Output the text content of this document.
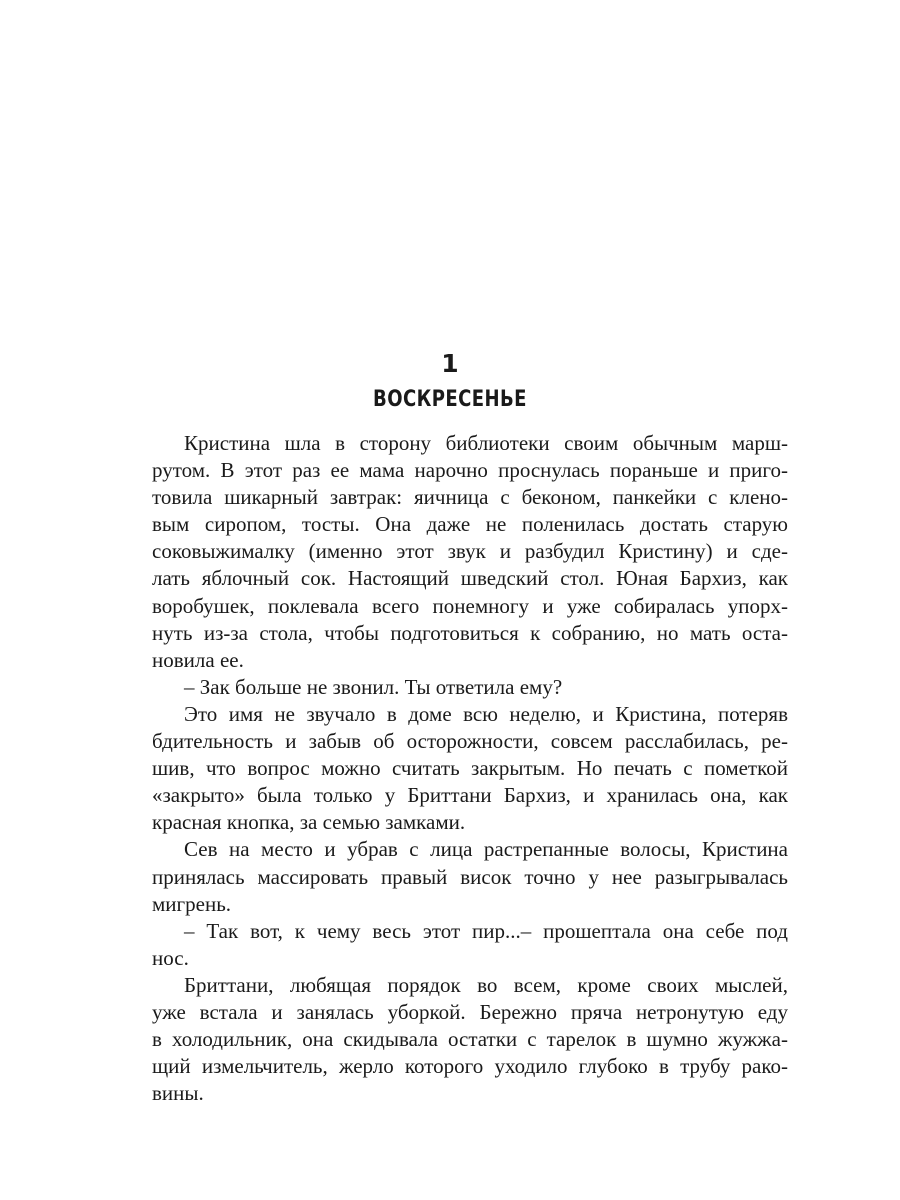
1
ВОСКРЕСЕНЬЕ
Кристина шла в сторону библиотеки своим обычным марш-
рутом. В этот раз ее мама нарочно проснулась пораньше и приго-
товила шикарный завтрак: яичница с беконом, панкейки с клено-
вым сиропом, тосты. Она даже не поленилась достать старую
соковыжималку (именно этот звук и разбудил Кристину) и сде-
лать яблочный сок. Настоящий шведский стол. Юная Бархиз, как
воробушек, поклевала всего понемногу и уже собиралась упорх-
нуть из-за стола, чтобы подготовиться к собранию, но мать оста-
новила ее.
– Зак больше не звонил. Ты ответила ему?
Это имя не звучало в доме всю неделю, и Кристина, потеряв
бдительность и забыв об осторожности, совсем расслабилась, ре-
шив, что вопрос можно считать закрытым. Но печать с пометкой
«закрыто» была только у Бриттани Бархиз, и хранилась она, как
красная кнопка, за семью замками.
Сев на место и убрав с лица растрепанные волосы, Кристина
принялась массировать правый висок точно у нее разыгрывалась
мигрень.
– Так вот, к чему весь этот пир...– прошептала она себе под
нос.
Бриттани, любящая порядок во всем, кроме своих мыслей,
уже встала и занялась уборкой. Бережно пряча нетронутую еду
в холодильник, она скидывала остатки с тарелок в шумно жужжа-
щий измельчитель, жерло которого уходило глубоко в трубу рако-
вины.
